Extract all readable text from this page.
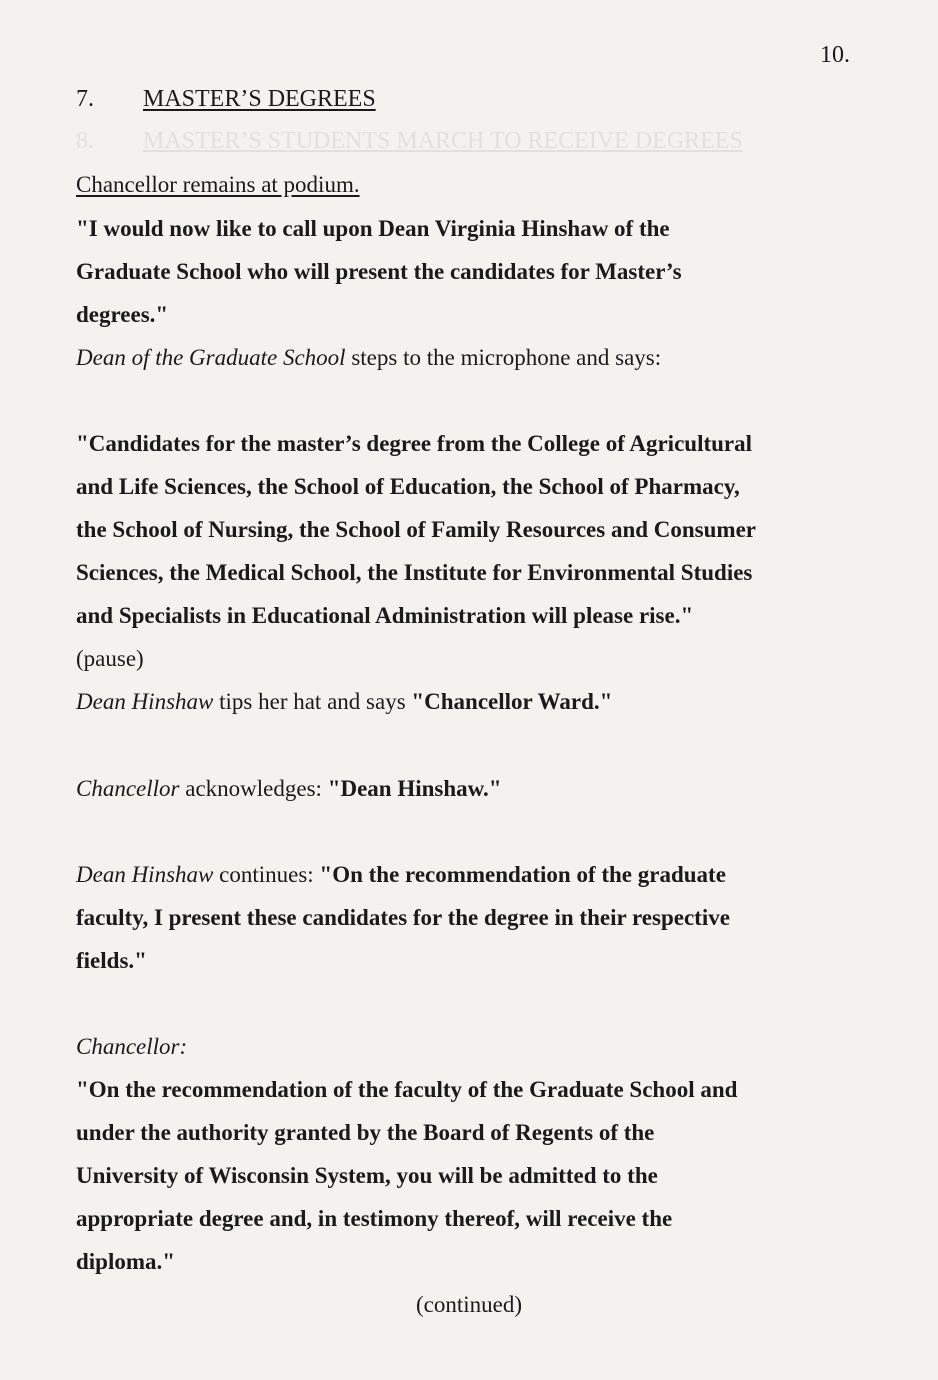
10.
8. MASTER’S STUDENTS MARCH TO RECEIVE DEGREES
7. MASTER’S DEGREES
Chancellor remains at podium.
"I would now like to call upon Dean Virginia Hinshaw of the
Graduate School who will present the candidates for Master’s
degrees."
Dean of the Graduate School steps to the microphone and says:
"Candidates for the master’s degree from the College of Agricultural
and Life Sciences, the School of Education, the School of Pharmacy,
the School of Nursing, the School of Family Resources and Consumer
Sciences, the Medical School, the Institute for Environmental Studies
and Specialists in Educational Administration will please rise."
(pause)
Dean Hinshaw tips her hat and says "Chancellor Ward."
Chancellor acknowledges: "Dean Hinshaw."
Dean Hinshaw continues: "On the recommendation of the graduate
faculty, I present these candidates for the degree in their respective
fields."
Chancellor:
"On the recommendation of the faculty of the Graduate School and
under the authority granted by the Board of Regents of the
University of Wisconsin System, you will be admitted to the
appropriate degree and, in testimony thereof, will receive the
diploma."
(continued)
